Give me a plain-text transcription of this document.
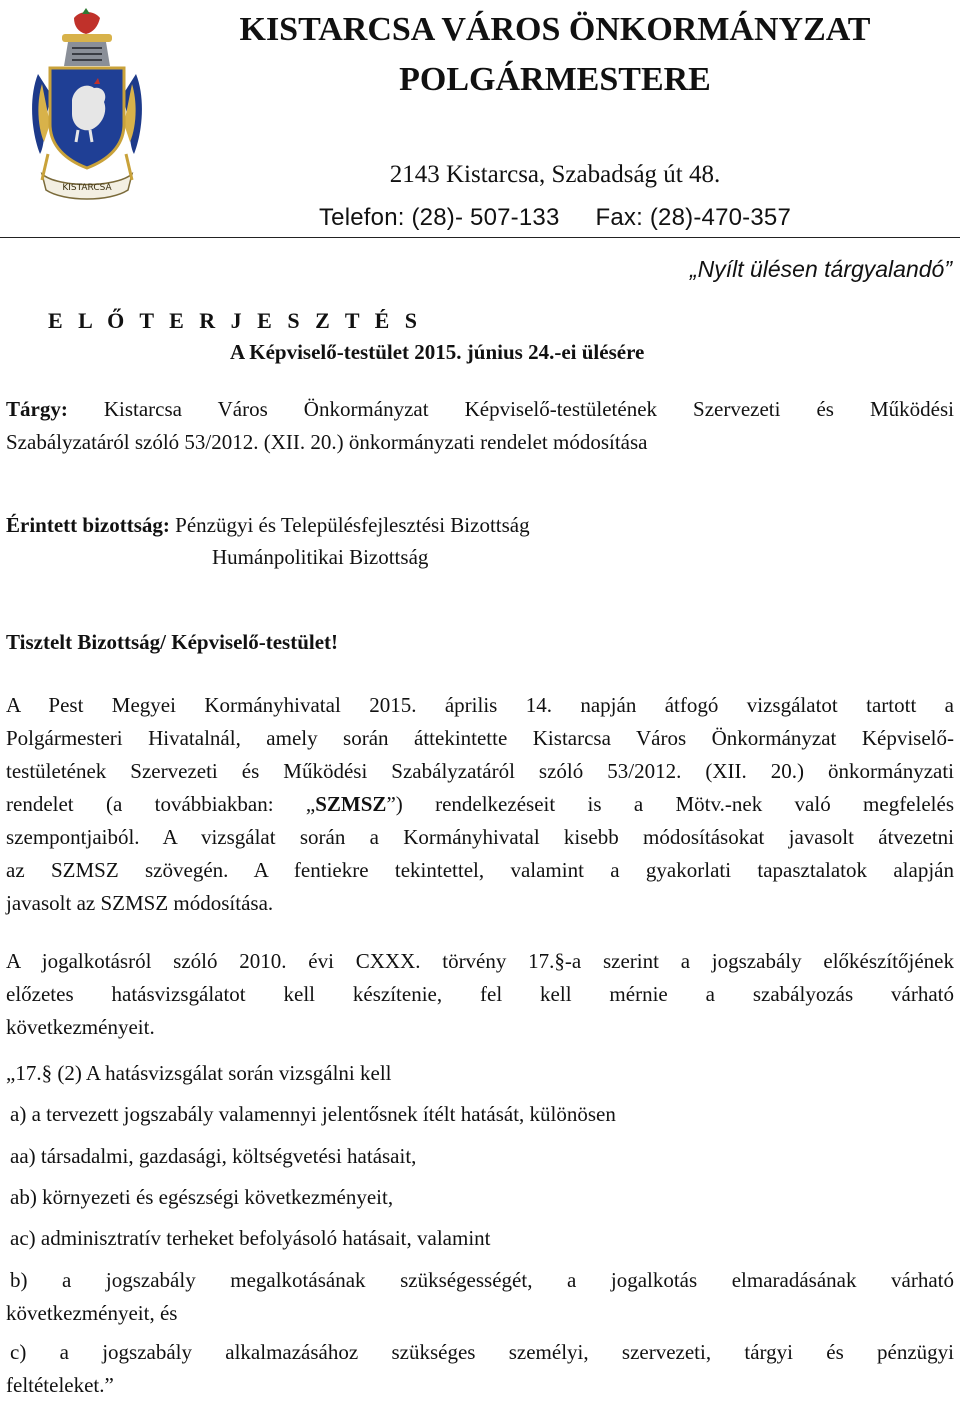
KISTARCSA
KISTARCSA VÁROS ÖNKORMÁNYZAT
POLGÁRMESTERE
2143 Kistarcsa, Szabadság út 48.
Telefon: (28)- 507-133 Fax: (28)-470-357
„Nyílt ülésen tárgyalandó”
E L Ő T E R J E S Z T É S
A Képviselő-testület 2015. június 24.-ei ülésére
Tárgy: Kistarcsa Város Önkormányzat Képviselő-testületének Szervezeti és Működési
Szabályzatáról szóló 53/2012. (XII. 20.) önkormányzati rendelet módosítása
Érintett bizottság: Pénzügyi és Településfejlesztési Bizottság
Humánpolitikai Bizottság
Tisztelt Bizottság/ Képviselő-testület!
A Pest Megyei Kormányhivatal 2015. április 14. napján átfogó vizsgálatot tartott a
Polgármesteri Hivatalnál, amely során áttekintette Kistarcsa Város Önkormányzat Képviselő-
testületének Szervezeti és Működési Szabályzatáról szóló 53/2012. (XII. 20.) önkormányzati
rendelet (a továbbiakban: „SZMSZ”) rendelkezéseit is a Mötv.-nek való megfelelés
szempontjaiból. A vizsgálat során a Kormányhivatal kisebb módosításokat javasolt átvezetni
az SZMSZ szövegén. A fentiekre tekintettel, valamint a gyakorlati tapasztalatok alapján
javasolt az SZMSZ módosítása.
A jogalkotásról szóló 2010. évi CXXX. törvény 17.§-a szerint a jogszabály előkészítőjének
előzetes hatásvizsgálatot kell készítenie, fel kell mérnie a szabályozás várható
következményeit.
„17.§ (2) A hatásvizsgálat során vizsgálni kell
a) a tervezett jogszabály valamennyi jelentősnek ítélt hatását, különösen
aa) társadalmi, gazdasági, költségvetési hatásait,
ab) környezeti és egészségi következményeit,
ac) adminisztratív terheket befolyásoló hatásait, valamint
b) a jogszabály megalkotásának szükségességét, a jogalkotás elmaradásának várható
következményeit, és
c) a jogszabály alkalmazásához szükséges személyi, szervezeti, tárgyi és pénzügyi
feltételeket.”
